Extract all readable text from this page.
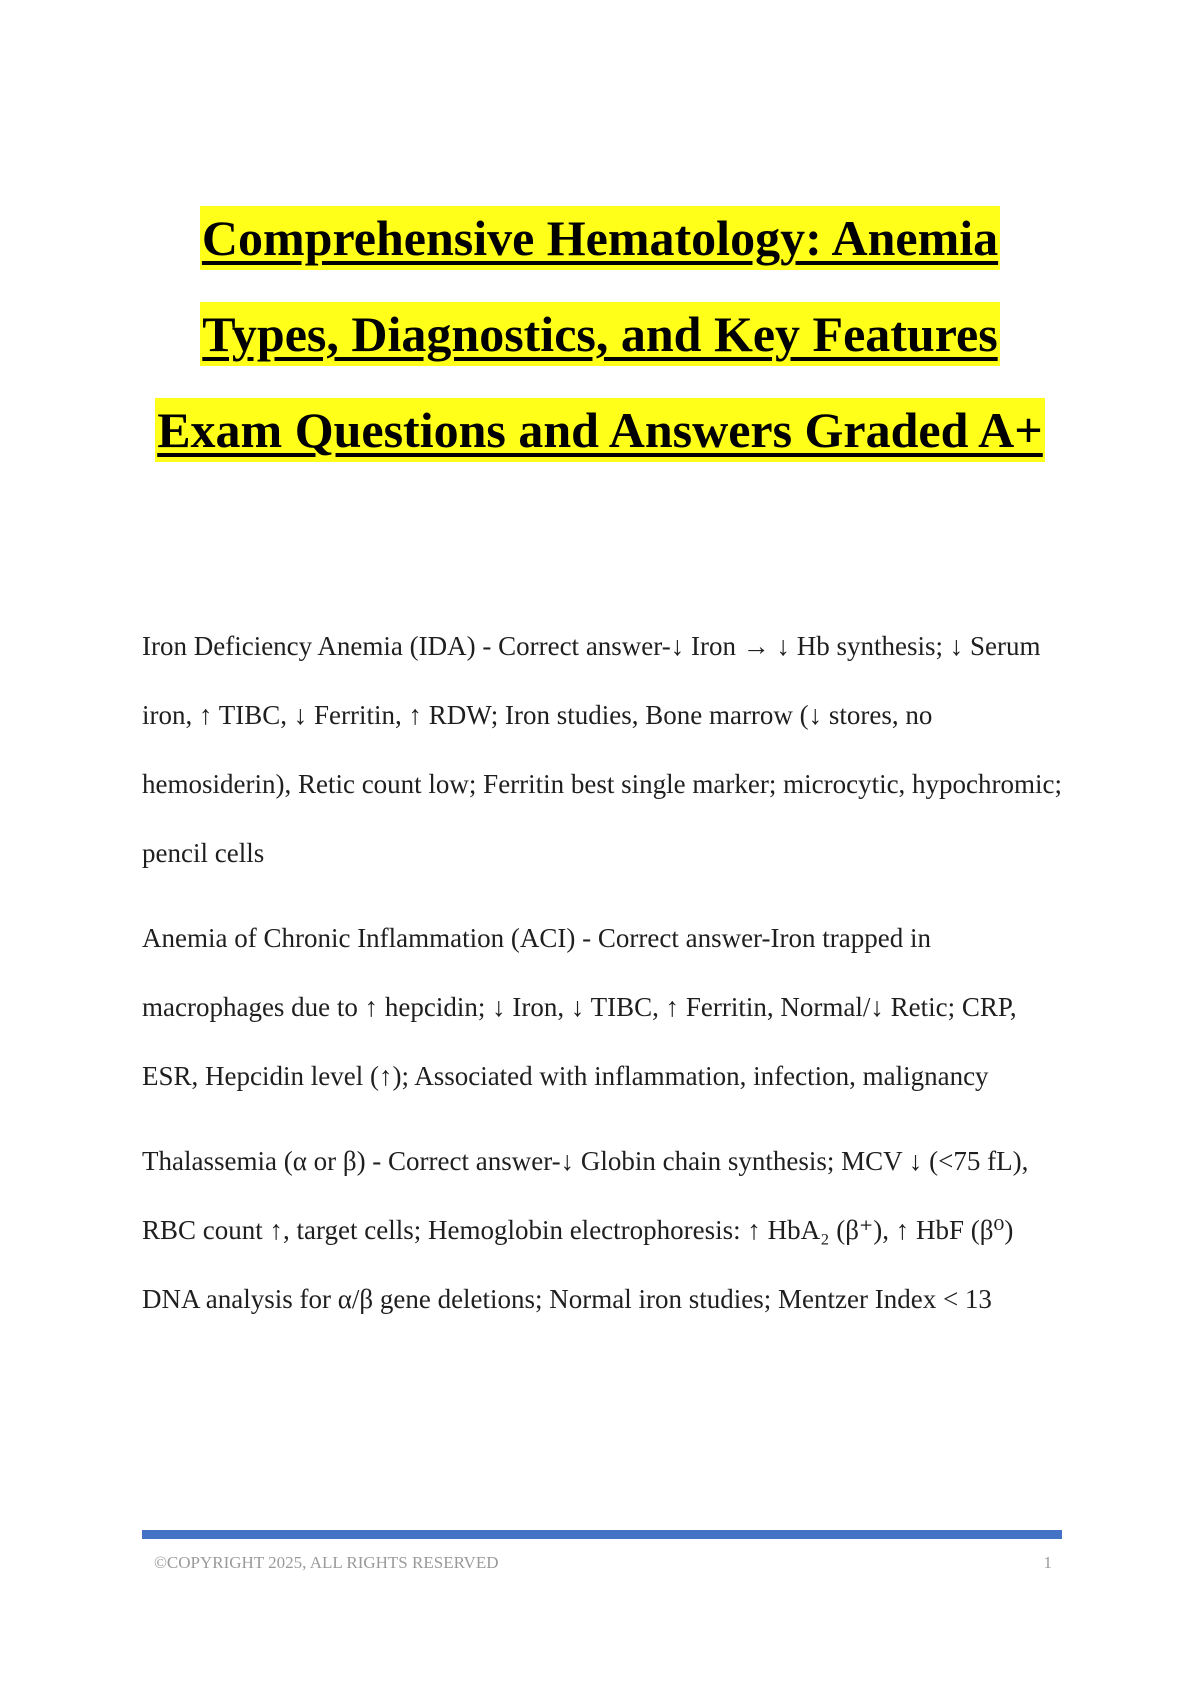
Comprehensive Hematology: Anemia
Types, Diagnostics, and Key Features
Exam Questions and Answers Graded A+

Iron Deficiency Anemia (IDA) - Correct answer-↓ Iron → ↓ Hb synthesis; ↓ Serum iron, ↑ TIBC, ↓ Ferritin, ↑ RDW; Iron studies, Bone marrow (↓ stores, no hemosiderin), Retic count low; Ferritin best single marker; microcytic, hypochromic; pencil cells

Anemia of Chronic Inflammation (ACI) - Correct answer-Iron trapped in macrophages due to ↑ hepcidin; ↓ Iron, ↓ TIBC, ↑ Ferritin, Normal/↓ Retic; CRP, ESR, Hepcidin level (↑); Associated with inflammation, infection, malignancy

Thalassemia (α or β) - Correct answer-↓ Globin chain synthesis; MCV ↓ (<75 fL), RBC count ↑, target cells; Hemoglobin electrophoresis: ↑ HbA₂ (β⁺), ↑ HbF (β⁰) DNA analysis for α/β gene deletions; Normal iron studies; Mentzer Index < 13

©COPYRIGHT 2025, ALL RIGHTS RESERVED	1
